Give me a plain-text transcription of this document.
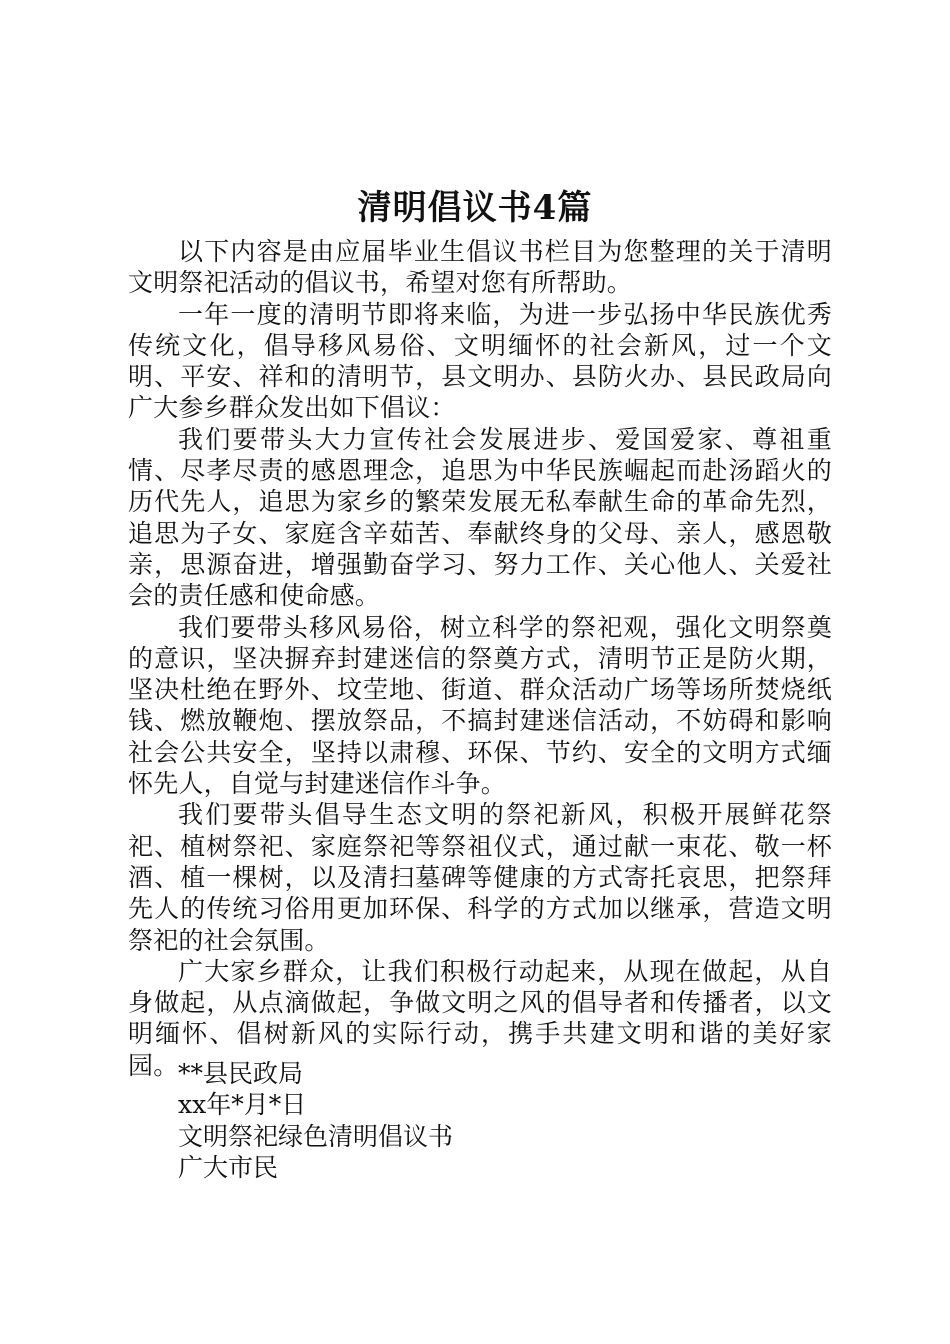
清明倡议书4篇

以下内容是由应届毕业生倡议书栏目为您整理的关于清明文明祭祀活动的倡议书，希望对您有所帮助。

一年一度的清明节即将来临，为进一步弘扬中华民族优秀传统文化，倡导移风易俗、文明缅怀的社会新风，过一个文明、平安、祥和的清明节，县文明办、县防火办、县民政局向广大参乡群众发出如下倡议：

我们要带头大力宣传社会发展进步、爱国爱家、尊祖重情、尽孝尽责的感恩理念，追思为中华民族崛起而赴汤蹈火的历代先人，追思为家乡的繁荣发展无私奉献生命的革命先烈，追思为子女、家庭含辛茹苦、奉献终身的父母、亲人，感恩敬亲，思源奋进，增强勤奋学习、努力工作、关心他人、关爱社会的责任感和使命感。

我们要带头移风易俗，树立科学的祭祀观，强化文明祭奠的意识，坚决摒弃封建迷信的祭奠方式，清明节正是防火期，坚决杜绝在野外、坟茔地、街道、群众活动广场等场所焚烧纸钱、燃放鞭炮、摆放祭品，不搞封建迷信活动，不妨碍和影响社会公共安全，坚持以肃穆、环保、节约、安全的文明方式缅怀先人，自觉与封建迷信作斗争。

我们要带头倡导生态文明的祭祀新风，积极开展鲜花祭祀、植树祭祀、家庭祭祀等祭祖仪式，通过献一束花、敬一杯酒、植一棵树，以及清扫墓碑等健康的方式寄托哀思，把祭拜先人的传统习俗用更加环保、科学的方式加以继承，营造文明祭祀的社会氛围。

广大家乡群众，让我们积极行动起来，从现在做起，从自身做起，从点滴做起，争做文明之风的倡导者和传播者，以文明缅怀、倡树新风的实际行动，携手共建文明和谐的美好家园。 **县民政局
xx年*月*日
文明祭祀绿色清明倡议书
广大市民
